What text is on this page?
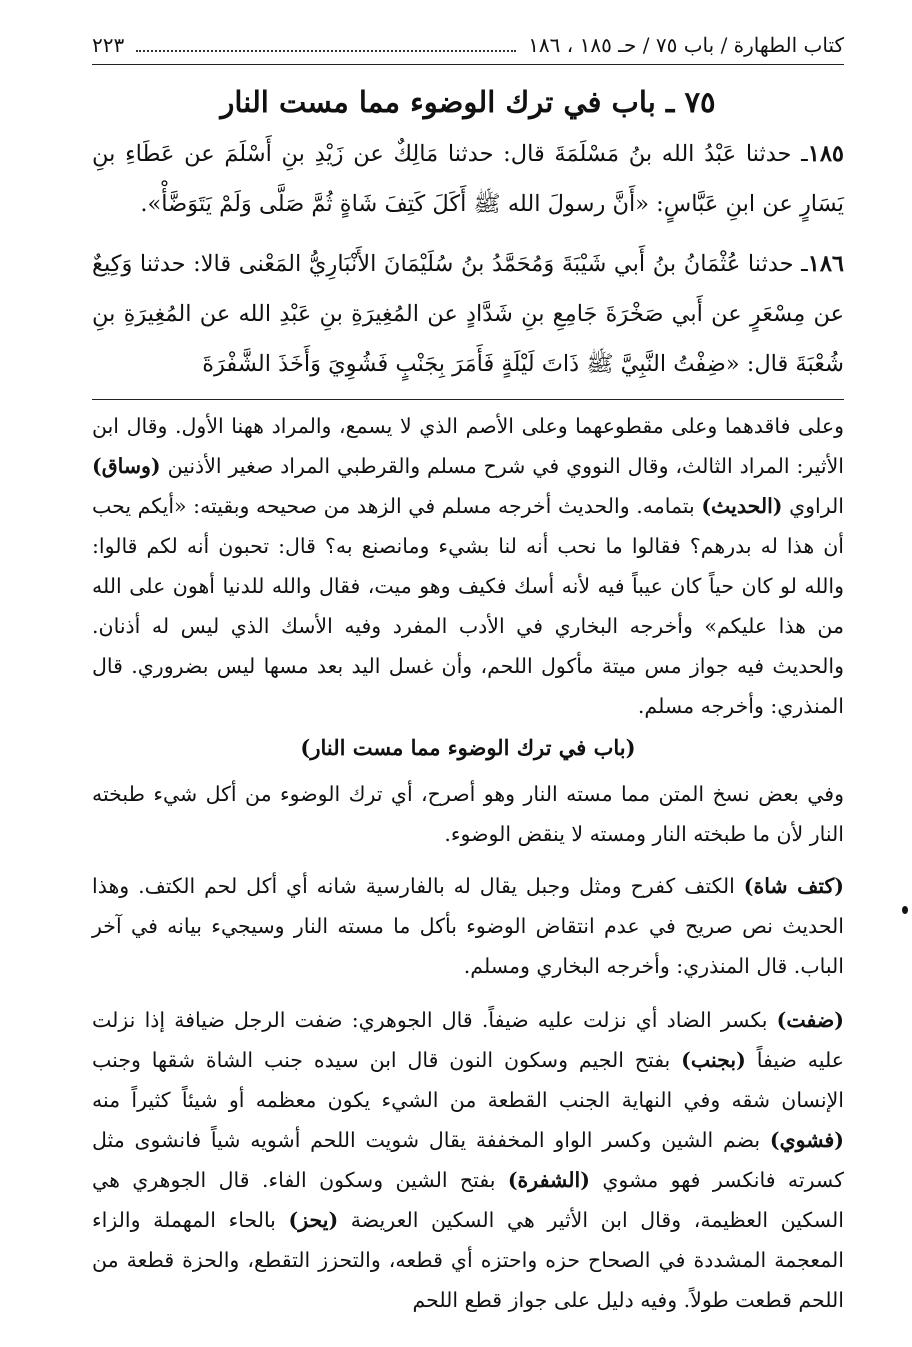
كتاب الطهارة / باب ٧٥ / حـ ١٨٥ ، ١٨٦
٢٢٣
٧٥ ـ باب في ترك الوضوء مما مست النار

١٨٥ـ حدثنا عَبْدُ الله بنُ مَسْلَمَةَ قال: حدثنا مَالِكٌ عن زَيْدِ بنِ أَسْلَمَ عن عَطَاءِ بنِ يَسَارٍ عن ابنِ عَبَّاسٍ: «أَنَّ رسولَ الله ﷺ أَكَلَ كَتِفَ شَاةٍ ثُمَّ صَلَّى وَلَمْ يَتَوَضَّأْ».

١٨٦ـ حدثنا عُثْمَانُ بنُ أَبي شَيْبَةَ وَمُحَمَّدُ بنُ سُلَيْمَانَ الأَنْبَارِيُّ المَعْنى قالا: حدثنا وَكِيعٌ عن مِسْعَرٍ عن أَبي صَخْرَةَ جَامِعِ بنِ شَدَّادٍ عن المُغِيرَةِ بنِ عَبْدِ الله عن المُغِيرَةِ بنِ شُعْبَةَ قال: «ضِفْتُ النَّبِيَّ ﷺ ذَاتَ لَيْلَةٍ فَأَمَرَ بِجَنْبٍ فَشُوِيَ وَأَخَذَ الشَّفْرَةَ

وعلى فاقدهما وعلى مقطوعهما وعلى الأصم الذي لا يسمع، والمراد ههنا الأول. وقال ابن الأثير: المراد الثالث، وقال النووي في شرح مسلم والقرطبي المراد صغير الأذنين (وساق) الراوي (الحديث) بتمامه. والحديث أخرجه مسلم في الزهد من صحيحه وبقيته: «أيكم يحب أن هذا له بدرهم؟ فقالوا ما نحب أنه لنا بشيء ومانصنع به؟ قال: تحبون أنه لكم قالوا: والله لو كان حياً كان عيباً فيه لأنه أسك فكيف وهو ميت، فقال والله للدنيا أهون على الله من هذا عليكم» وأخرجه البخاري في الأدب المفرد وفيه الأسك الذي ليس له أذنان. والحديث فيه جواز مس ميتة مأكول اللحم، وأن غسل اليد بعد مسها ليس بضروري. قال المنذري: وأخرجه مسلم.

(باب في ترك الوضوء مما مست النار)

وفي بعض نسخ المتن مما مسته النار وهو أصرح، أي ترك الوضوء من أكل شيء طبخته النار لأن ما طبخته النار ومسته لا ينقض الوضوء.

(كتف شاة) الكتف كفرح ومثل وجبل يقال له بالفارسية شانه أي أكل لحم الكتف. وهذا الحديث نص صريح في عدم انتقاض الوضوء بأكل ما مسته النار وسيجيء بيانه في آخر الباب. قال المنذري: وأخرجه البخاري ومسلم.

(ضفت) بكسر الضاد أي نزلت عليه ضيفاً. قال الجوهري: ضفت الرجل ضيافة إذا نزلت عليه ضيفاً (بجنب) بفتح الجيم وسكون النون قال ابن سيده جنب الشاة شقها وجنب الإنسان شقه وفي النهاية الجنب القطعة من الشيء يكون معظمه أو شيئاً كثيراً منه (فشوي) بضم الشين وكسر الواو المخففة يقال شويت اللحم أشويه شياً فانشوى مثل كسرته فانكسر فهو مشوي (الشفرة) بفتح الشين وسكون الفاء. قال الجوهري هي السكين العظيمة، وقال ابن الأثير هي السكين العريضة (يحز) بالحاء المهملة والزاء المعجمة المشددة في الصحاح حزه واحتزه أي قطعه، والتحزز التقطع، والحزة قطعة من اللحم قطعت طولاً. وفيه دليل على جواز قطع اللحم
